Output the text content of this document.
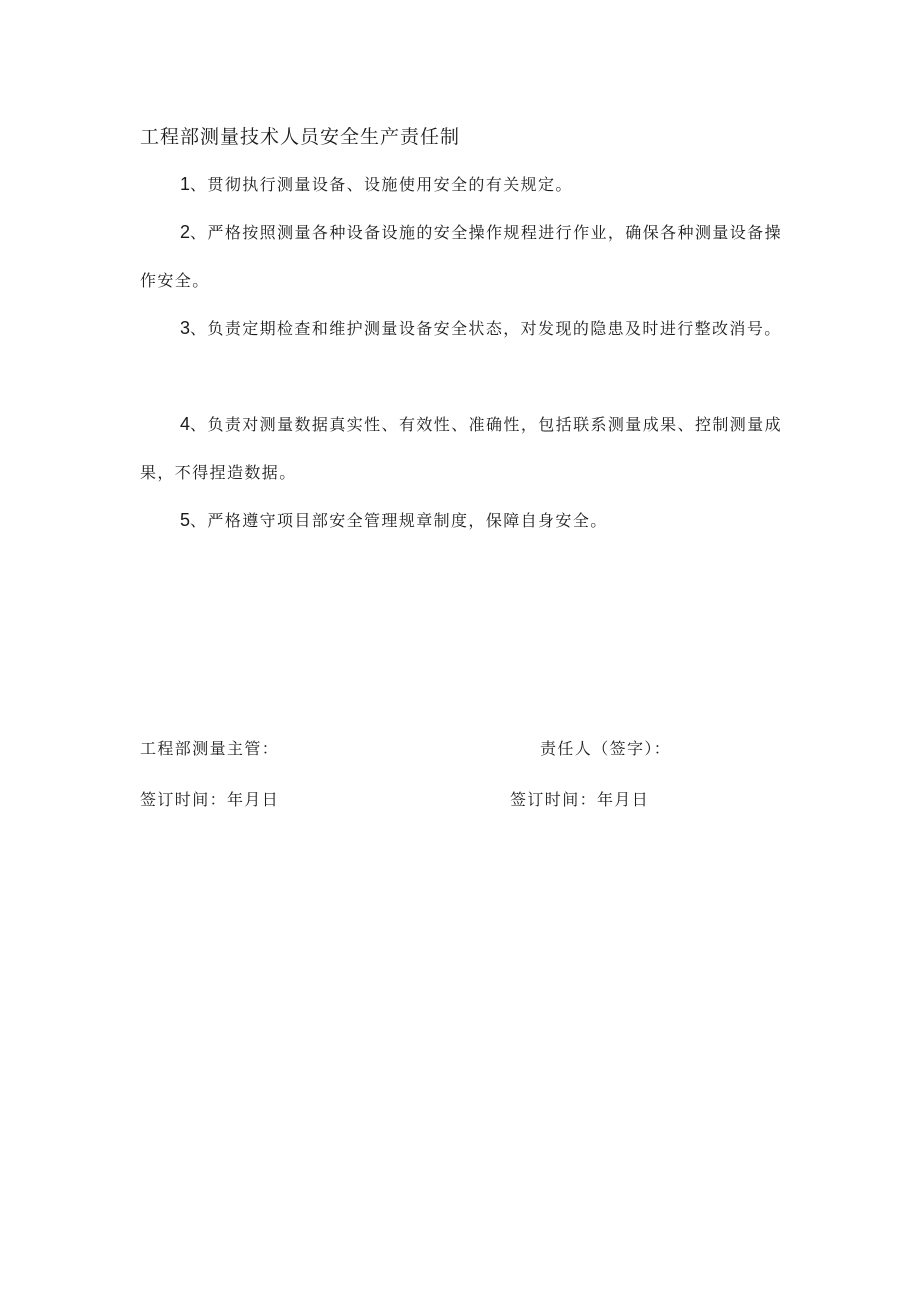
工程部测量技术人员安全生产责任制

1、贯彻执行测量设备、设施使用安全的有关规定。

2、严格按照测量各种设备设施的安全操作规程进行作业，确保各种测量设备操作安全。

3、负责定期检查和维护测量设备安全状态，对发现的隐患及时进行整改消号。

4、负责对测量数据真实性、有效性、准确性，包括联系测量成果、控制测量成果，不得捏造数据。

5、严格遵守项目部安全管理规章制度，保障自身安全。

工程部测量主管：	责任人（签字）：
签订时间：年月日	签订时间：年月日
